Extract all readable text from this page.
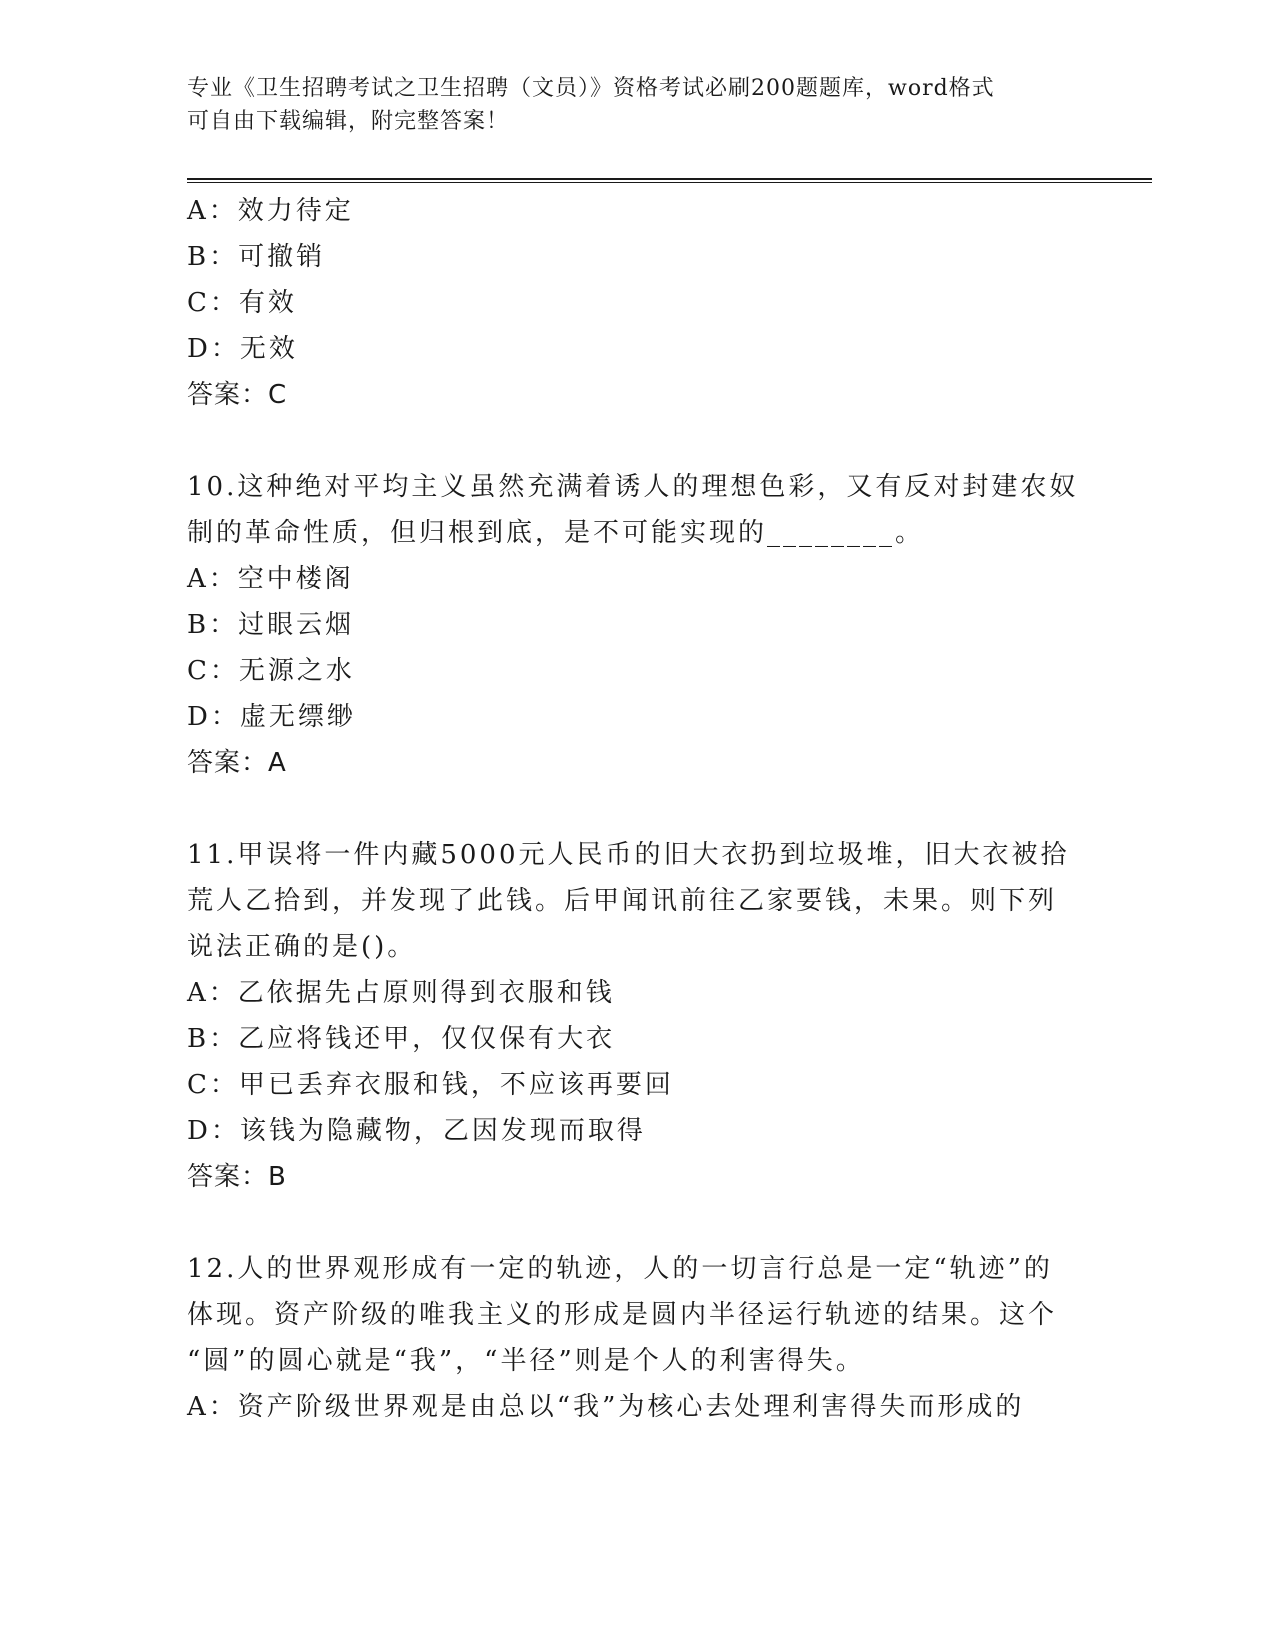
专业《卫生招聘考试之卫生招聘（文员）》资格考试必刷200题题库，word格式
可自由下载编辑，附完整答案！
A：效力待定
B：可撤销
C：有效
D：无效
答案：C
10.这种绝对平均主义虽然充满着诱人的理想色彩，又有反对封建农奴
制的革命性质，但归根到底，是不可能实现的________。
A：空中楼阁
B：过眼云烟
C：无源之水
D：虚无缥缈
答案：A
11.甲误将一件内藏5000元人民币的旧大衣扔到垃圾堆，旧大衣被拾
荒人乙拾到，并发现了此钱。后甲闻讯前往乙家要钱，未果。则下列
说法正确的是()。
A：乙依据先占原则得到衣服和钱
B：乙应将钱还甲，仅仅保有大衣
C：甲已丢弃衣服和钱，不应该再要回
D：该钱为隐藏物，乙因发现而取得
答案：B
12.人的世界观形成有一定的轨迹，人的一切言行总是一定“轨迹”的
体现。资产阶级的唯我主义的形成是圆内半径运行轨迹的结果。这个
“圆”的圆心就是“我”，“半径”则是个人的利害得失。
A：资产阶级世界观是由总以“我”为核心去处理利害得失而形成的
